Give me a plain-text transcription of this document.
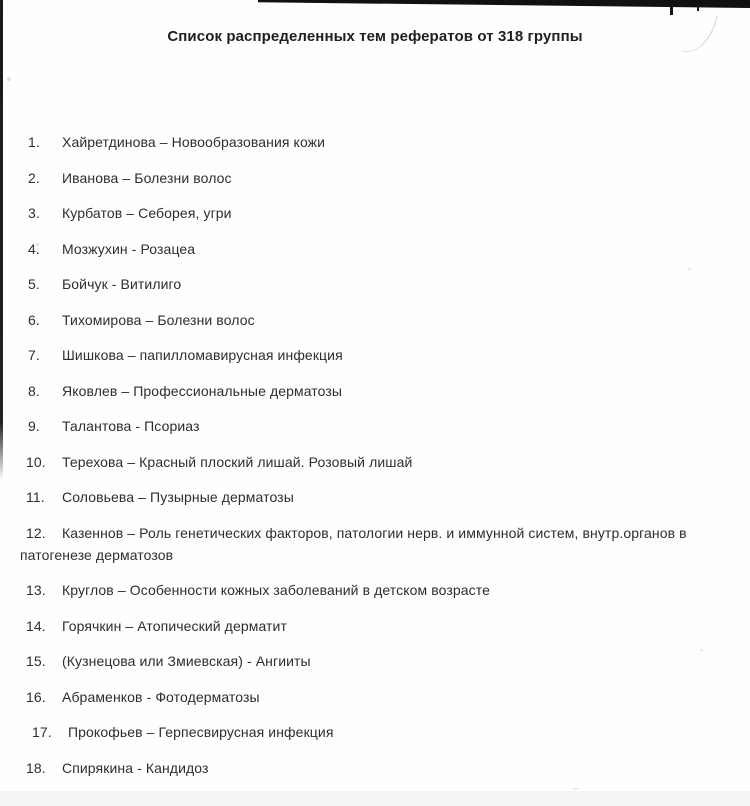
Список распределенных тем рефератов от 318 группы
1. Хайретдинова – Новообразования кожи
2. Иванова – Болезни волос
3. Курбатов – Себорея, угри
4. Мозжухин - Розацеа
5. Бойчук - Витилиго
6. Тихомирова – Болезни волос
7. Шишкова – папилломавирусная инфекция
8. Яковлев – Профессиональные дерматозы
9. Талантова - Псориаз
10. Терехова – Красный плоский лишай. Розовый лишай
11. Соловьева – Пузырные дерматозы
12. Казеннов – Роль генетических факторов, патологии нерв. и иммунной систем, внутр.органов в патогенезе дерматозов
13. Круглов – Особенности кожных заболеваний в детском возрасте
14. Горячкин – Атопический дерматит
15. (Кузнецова или Змиевская) - Ангииты
16. Абраменков - Фотодерматозы
17. Прокофьев – Герпесвирусная инфекция
18. Спирякина - Кандидоз
